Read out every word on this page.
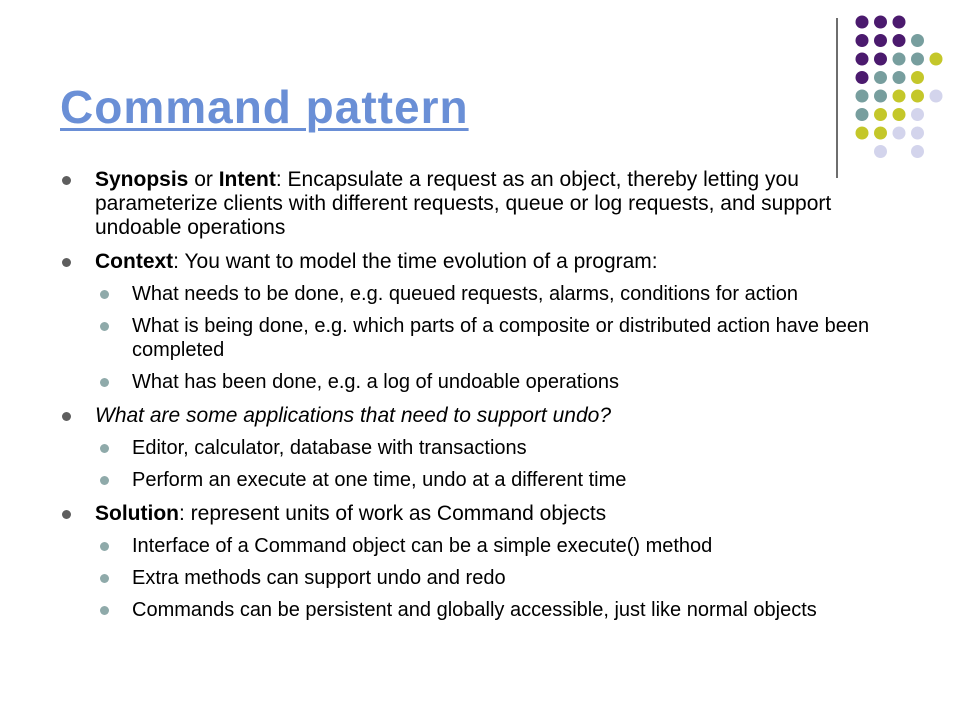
Command pattern

Synopsis or Intent: Encapsulate a request as an object, thereby letting you parameterize clients with different requests, queue or log requests, and support undoable operations

Context: You want to model the time evolution of a program:

What needs to be done, e.g. queued requests, alarms, conditions for action

What is being done, e.g. which parts of a composite or distributed action have been completed

What has been done, e.g. a log of undoable operations

What are some applications that need to support undo?

Editor, calculator, database with transactions

Perform an execute at one time, undo at a different time

Solution: represent units of work as Command objects

Interface of a Command object can be a simple execute() method

Extra methods can support undo and redo

Commands can be persistent and globally accessible, just like normal objects
